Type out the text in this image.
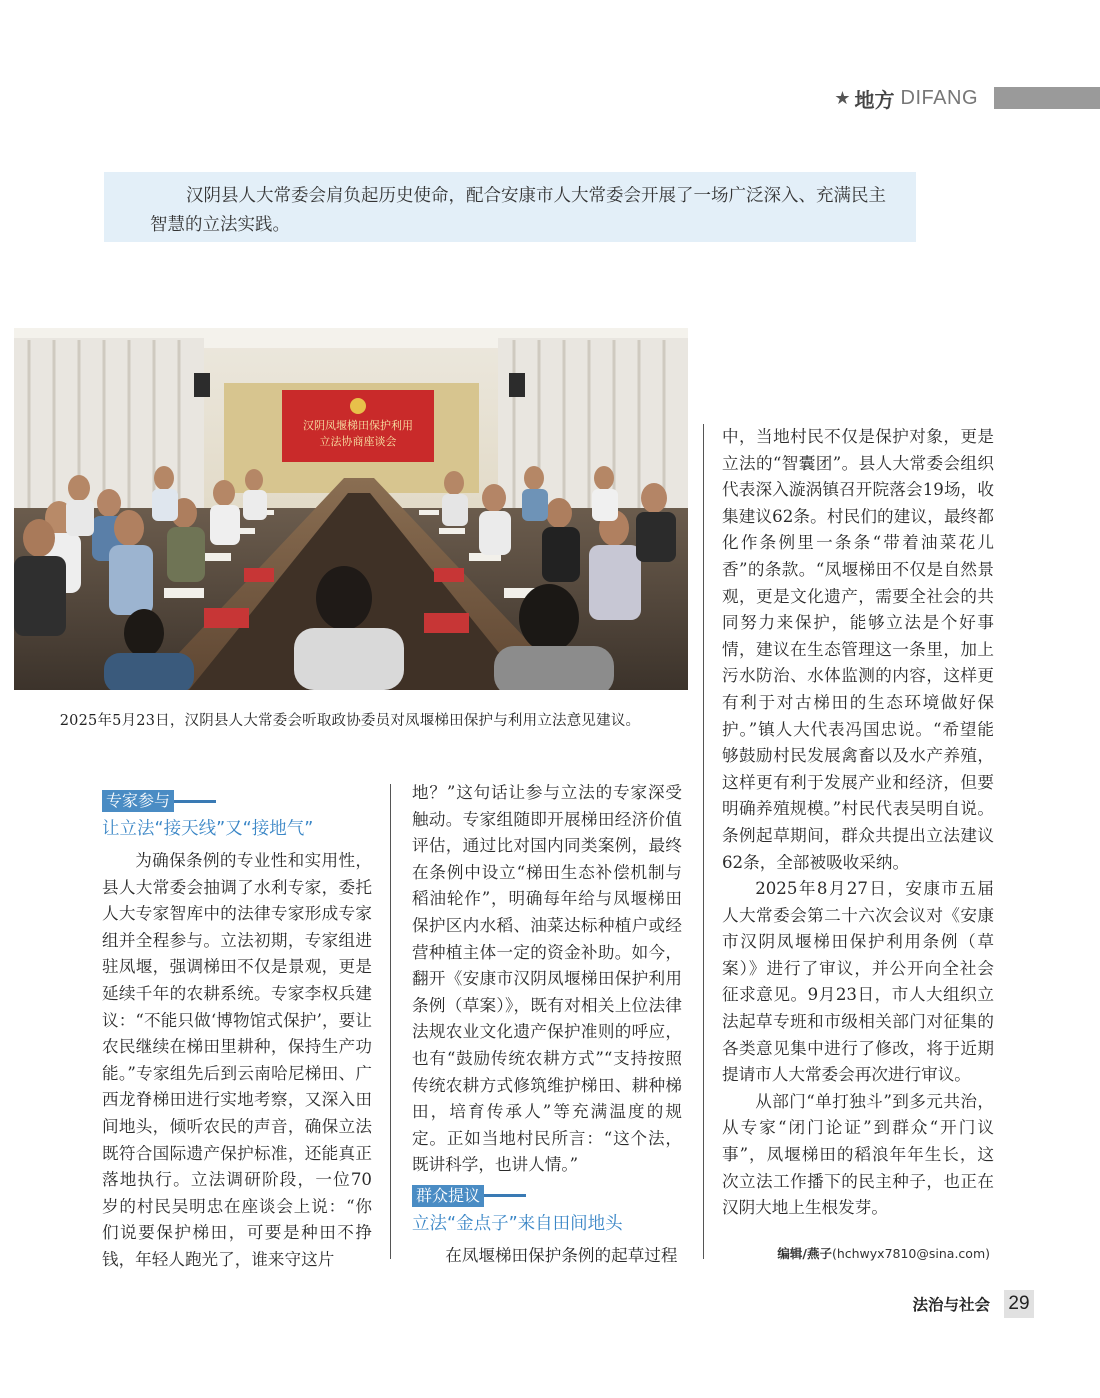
★ 地方 DIFANG

汉阴县人大常委会肩负起历史使命，配合安康市人大常委会开展了一场广泛深入、充满民主智慧的立法实践。

汉阴凤堰梯田保护利用
立法协商座谈会
2025年5月23日，汉阴县人大常委会听取政协委员对凤堰梯田保护与利用立法意见建议。
专家参与
让立法“接天线”又“接地气”

为确保条例的专业性和实用性，县人大常委会抽调了水利专家，委托人大专家智库中的法律专家形成专家组并全程参与。立法初期，专家组进驻凤堰，强调梯田不仅是景观，更是延续千年的农耕系统。专家李权兵建议：“不能只做‘博物馆式保护’，要让农民继续在梯田里耕种，保持生产功能。”专家组先后到云南哈尼梯田、广西龙脊梯田进行实地考察，又深入田间地头，倾听农民的声音，确保立法既符合国际遗产保护标准，还能真正落地执行。立法调研阶段，一位70岁的村民吴明忠在座谈会上说：“你们说要保护梯田，可要是种田不挣钱，年轻人跑光了，谁来守这片

地？”这句话让参与立法的专家深受触动。专家组随即开展梯田经济价值评估，通过比对国内同类案例，最终在条例中设立“梯田生态补偿机制与稻油轮作”，明确每年给与凤堰梯田保护区内水稻、油菜达标种植户或经营种植主体一定的资金补助。如今，翻开《安康市汉阴凤堰梯田保护利用条例（草案）》，既有对相关上位法律法规农业文化遗产保护准则的呼应，也有“鼓励传统农耕方式”“支持按照传统农耕方式修筑维护梯田、耕种梯田，培育传承人”等充满温度的规定。正如当地村民所言：“这个法，既讲科学，也讲人情。”

群众提议
立法“金点子”来自田间地头

在凤堰梯田保护条例的起草过程

中，当地村民不仅是保护对象，更是立法的“智囊团”。县人大常委会组织代表深入漩涡镇召开院落会19场，收集建议62条。村民们的建议，最终都化作条例里一条条“带着油菜花儿香”的条款。“凤堰梯田不仅是自然景观，更是文化遗产，需要全社会的共同努力来保护，能够立法是个好事情，建议在生态管理这一条里，加上污水防治、水体监测的内容，这样更有利于对古梯田的生态环境做好保护。”镇人大代表冯国忠说。“希望能够鼓励村民发展禽畜以及水产养殖，这样更有利于发展产业和经济，但要明确养殖规模。”村民代表吴明自说。条例起草期间，群众共提出立法建议62条，全部被吸收采纳。

2025年8月27日，安康市五届人大常委会第二十六次会议对《安康市汉阴凤堰梯田保护利用条例（草案）》进行了审议，并公开向全社会征求意见。9月23日，市人大组织立法起草专班和市级相关部门对征集的各类意见集中进行了修改，将于近期提请市人大常委会再次进行审议。

从部门“单打独斗”到多元共治，从专家“闭门论证”到群众“开门议事”，凤堰梯田的稻浪年年生长，这次立法工作播下的民主种子，也正在汉阴大地上生根发芽。

编辑/燕子(hchwyx7810@sina.com)
法治与社会 29
